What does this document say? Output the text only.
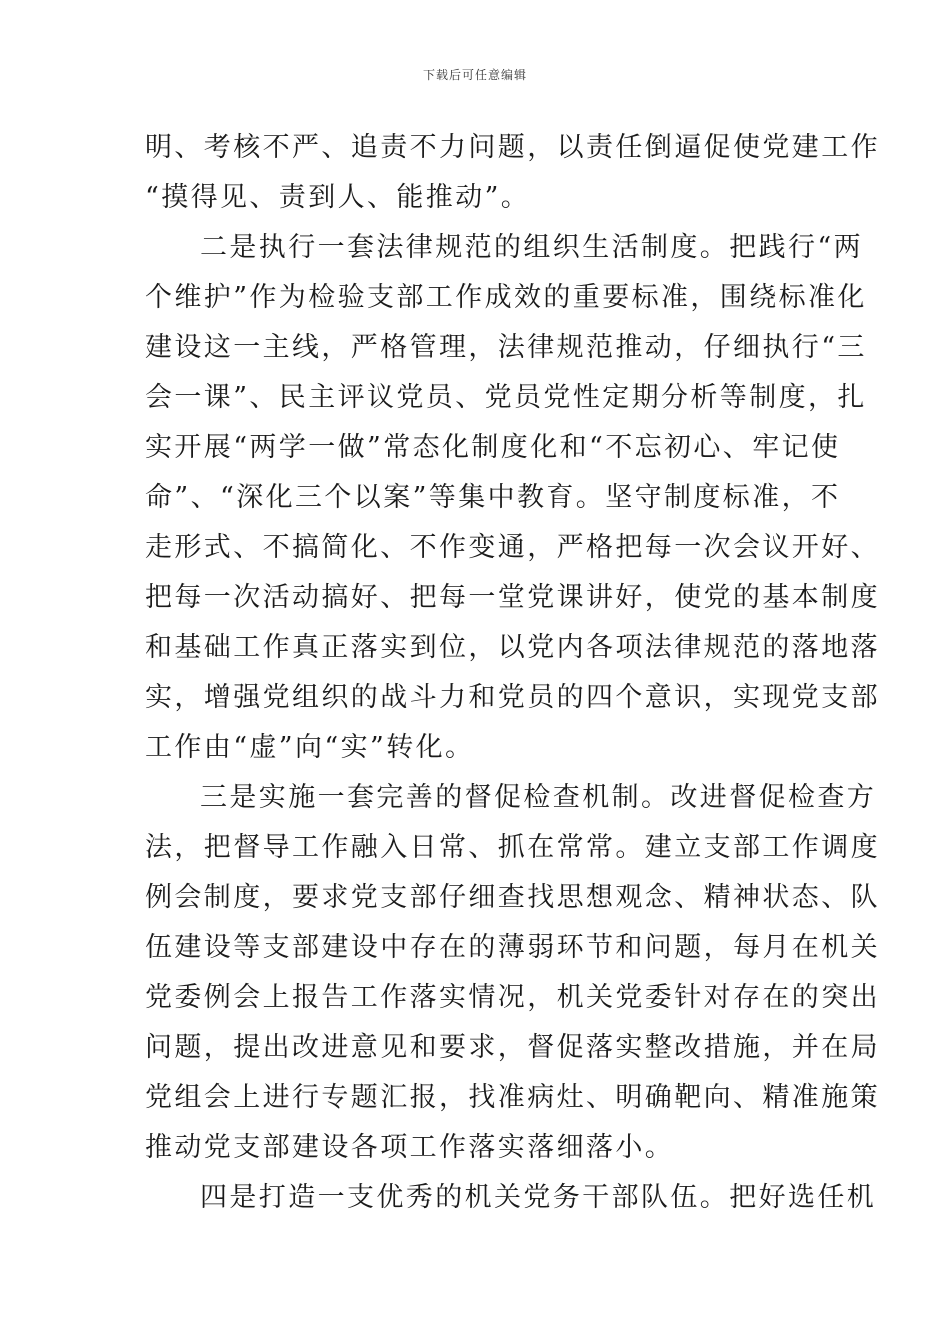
下载后可任意编辑
明、考核不严、追责不力问题，以责任倒逼促使党建工作
“摸得见、责到人、能推动”。
二是执行一套法律规范的组织生活制度。把践行“两
个维护”作为检验支部工作成效的重要标准，围绕标准化
建设这一主线，严格管理，法律规范推动，仔细执行“三
会一课”、民主评议党员、党员党性定期分析等制度，扎
实开展“两学一做”常态化制度化和“不忘初心、牢记使
命”、“深化三个以案”等集中教育。坚守制度标准，不
走形式、不搞简化、不作变通，严格把每一次会议开好、
把每一次活动搞好、把每一堂党课讲好，使党的基本制度
和基础工作真正落实到位，以党内各项法律规范的落地落
实，增强党组织的战斗力和党员的四个意识，实现党支部
工作由“虚”向“实”转化。
三是实施一套完善的督促检查机制。改进督促检查方
法，把督导工作融入日常、抓在常常。建立支部工作调度
例会制度，要求党支部仔细查找思想观念、精神状态、队
伍建设等支部建设中存在的薄弱环节和问题，每月在机关
党委例会上报告工作落实情况，机关党委针对存在的突出
问题，提出改进意见和要求，督促落实整改措施，并在局
党组会上进行专题汇报，找准病灶、明确靶向、精准施策
推动党支部建设各项工作落实落细落小。
四是打造一支优秀的机关党务干部队伍。把好选任机
